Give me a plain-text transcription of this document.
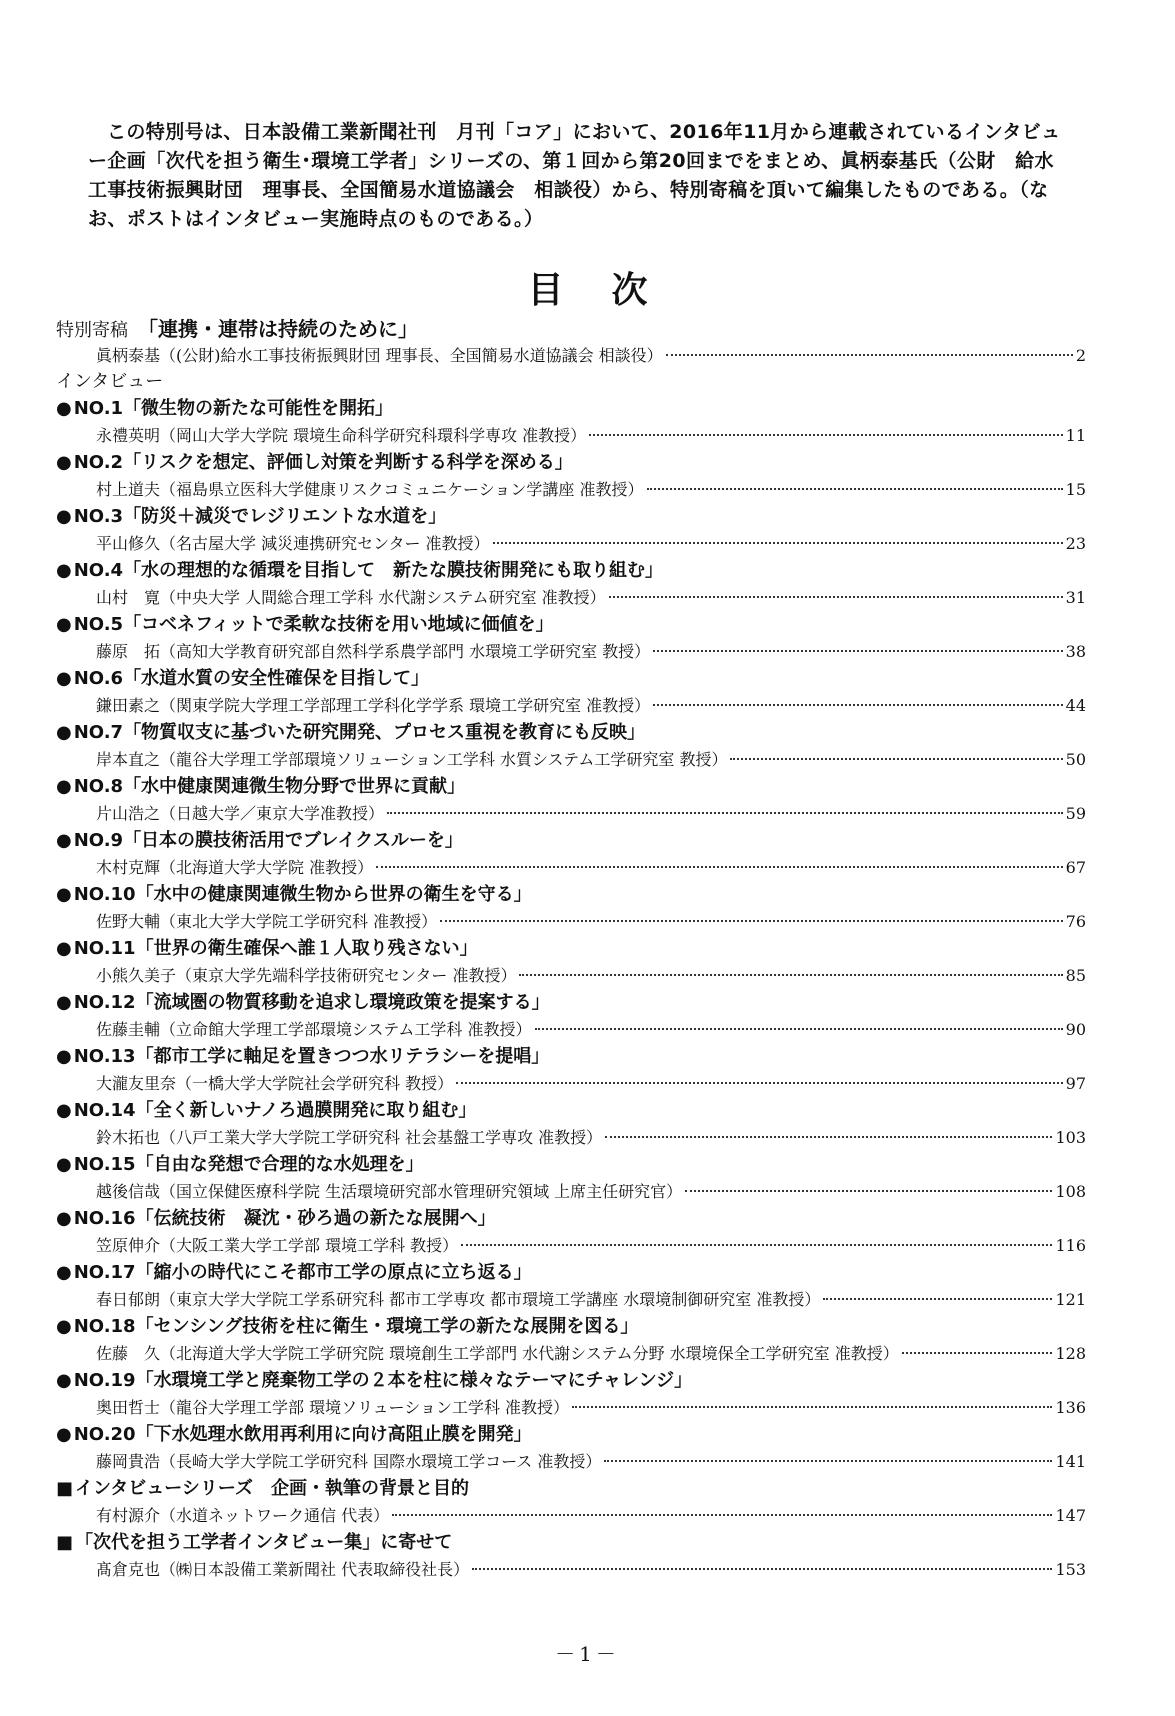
この特別号は、日本設備工業新聞社刊　月刊「コア」において、2016年11月から連載されているインタビュー企画「次代を担う衛生･環境工学者」シリーズの、第１回から第20回までをまとめ、眞柄泰基氏（公財　給水工事技術振興財団　理事長、全国簡易水道協議会　相談役）から、特別寄稿を頂いて編集したものである。（なお、ポストはインタビュー実施時点のものである。）
目次
特別寄稿 「連携・連帯は持続のために」
眞柄泰基（(公財)給水工事技術振興財団 理事長、全国簡易水道協議会 相談役）	2
インタビュー
● NO.1「微生物の新たな可能性を開拓」
永禮英明（岡山大学大学院 環境生命科学研究科環科学専攻 准教授）	11
● NO.2「リスクを想定、評価し対策を判断する科学を深める」
村上道夫（福島県立医科大学健康リスクコミュニケーション学講座 准教授）	15
● NO.3「防災＋減災でレジリエントな水道を」
平山修久（名古屋大学 減災連携研究センター 准教授）	23
● NO.4「水の理想的な循環を目指して　新たな膜技術開発にも取り組む」
山村　寛（中央大学 人間総合理工学科 水代謝システム研究室 准教授）	31
● NO.5「コベネフィットで柔軟な技術を用い地域に価値を」
藤原　拓（高知大学教育研究部自然科学系農学部門 水環境工学研究室 教授）	38
● NO.6「水道水質の安全性確保を目指して」
鎌田素之（関東学院大学理工学部理工学科化学学系 環境工学研究室 准教授）	44
● NO.7「物質収支に基づいた研究開発、プロセス重視を教育にも反映」
岸本直之（龍谷大学理工学部環境ソリューション工学科 水質システム工学研究室 教授）	50
● NO.8「水中健康関連微生物分野で世界に貢献」
片山浩之（日越大学／東京大学准教授）	59
● NO.9「日本の膜技術活用でブレイクスルーを」
木村克輝（北海道大学大学院 准教授）	67
● NO.10「水中の健康関連微生物から世界の衛生を守る」
佐野大輔（東北大学大学院工学研究科 准教授）	76
● NO.11「世界の衛生確保へ誰１人取り残さない」
小熊久美子（東京大学先端科学技術研究センター 准教授）	85
● NO.12「流域圏の物質移動を追求し環境政策を提案する」
佐藤圭輔（立命館大学理工学部環境システム工学科 准教授）	90
● NO.13「都市工学に軸足を置きつつ水リテラシーを提唱」
大瀧友里奈（一橋大学大学院社会学研究科 教授）	97
● NO.14「全く新しいナノろ過膜開発に取り組む」
鈴木拓也（八戸工業大学大学院工学研究科 社会基盤工学専攻 准教授）	103
● NO.15「自由な発想で合理的な水処理を」
越後信哉（国立保健医療科学院 生活環境研究部水管理研究領域 上席主任研究官）	108
● NO.16「伝統技術　凝沈・砂ろ過の新たな展開へ」
笠原伸介（大阪工業大学工学部 環境工学科 教授）	116
● NO.17「縮小の時代にこそ都市工学の原点に立ち返る」
春日郁朗（東京大学大学院工学系研究科 都市工学専攻 都市環境工学講座 水環境制御研究室 准教授）	121
● NO.18「センシング技術を柱に衛生・環境工学の新たな展開を図る」
佐藤　久（北海道大学大学院工学研究院 環境創生工学部門 水代謝システム分野 水環境保全工学研究室 准教授）	128
● NO.19「水環境工学と廃棄物工学の２本を柱に様々なテーマにチャレンジ」
奥田哲士（龍谷大学理工学部 環境ソリューション工学科 准教授）	136
● NO.20「下水処理水飲用再利用に向け高阻止膜を開発」
藤岡貴浩（長崎大学大学院工学研究科 国際水環境工学コース 准教授）	141
■ インタビューシリーズ　企画・執筆の背景と目的
有村源介（水道ネットワーク通信 代表）	147
■ 「次代を担う工学者インタビュー集」に寄せて
髙倉克也（㈱日本設備工業新聞社 代表取締役社長）	153
－1－
